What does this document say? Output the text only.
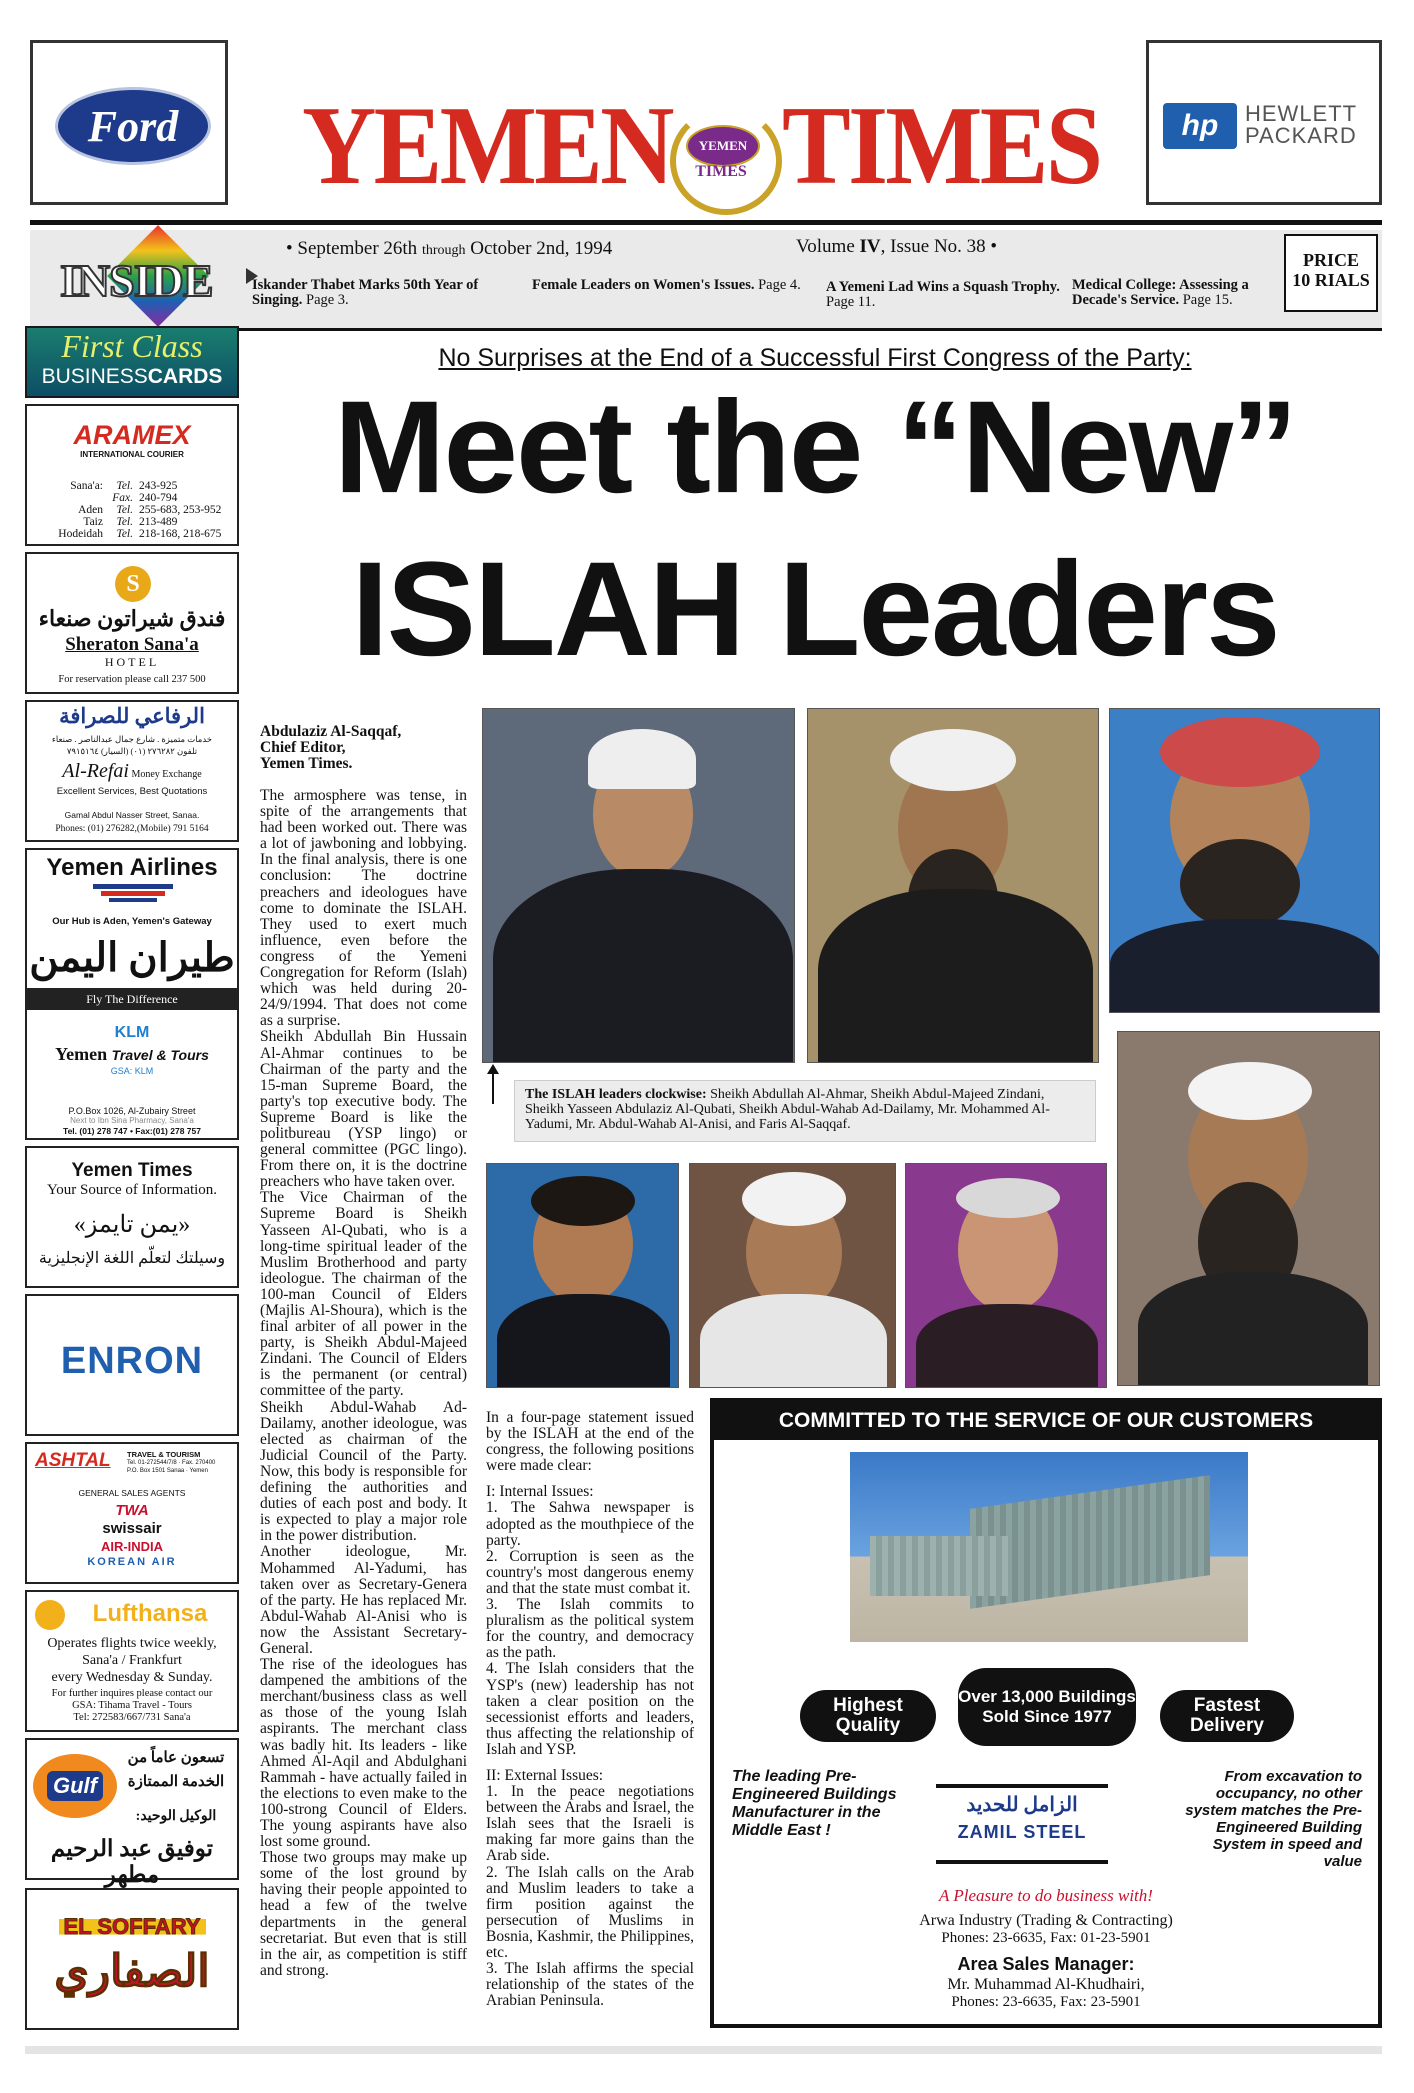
Ford YEMEN	YEMEN
TIMES TIMES	hp HEWLETT
PACKARD
INSIDE
• September 26th through October 2nd, 1994	Volume IV, Issue No. 38 •
PRICE
10 RIALS
Iskander Thabet Marks 50th Year of Singing. Page 3.
Female Leaders on Women's Issues. Page 4. A Yemeni Lad Wins a Squash Trophy. Page 11.
Medical College: Assessing a Decade's Service. Page 15.
First Class
BUSINESSCARDS
ARAMEX
INTERNATIONAL COURIER
Sana'a:	Tel. 243-925
Fax. 240-794
Aden	Tel. 255-683, 253-952
Taiz	Tel. 213-489
Hodeidah	Tel. 218-168, 218-675
S
فندق شيراتون صنعاء
Sheraton Sana'a
HOTEL
For reservation please call 237 500
الرفاعي للصرافة
خدمات متميزة . شارع جمال عبدالناصر . صنعاء
تلفون ٢٧٦٢٨٢ (٠١) (السيار) ٧٩١٥١٦٤
Al-Refai Money Exchange
Excellent Services, Best Quotations
Gamal Abdul Nasser Street, Sanaa.
Phones: (01) 276282,(Mobile) 791 5164
Yemen Airlines
Our Hub is Aden, Yemen's Gateway
طيران اليمن
Fly The Difference
KLM
Yemen Travel & Tours
GSA: KLM
P.O.Box 1026, Al-Zubairy Street
Next to Ibn Sina Pharmacy, Sana'a
Tel. (01) 278 747 • Fax:(01) 278 757
Yemen Times
Your Source of Information.
«يمن تايمز»
وسيلتك لتعلّم اللغة الإنجليزية
ENRON
ASHTAL TRAVEL & TOURISM
Tel. 01-272544/7/8 · Fax. 270400
P.O. Box 1501 Sanaa · Yemen
GENERAL SALES AGENTS
TWA
swissair
AIR-INDIA
KOREAN AIR
Lufthansa
Operates flights twice weekly,
Sana'a / Frankfurt
every Wednesday & Sunday.
For further inquires please contact our
GSA: Tihama Travel - Tours
Tel: 272583/667/731 Sana'a
Gulf
تسعون عاماً من
الخدمة الممتازة
الوكيل الوحيد:
توفيق عبد الرحيم مطهر
EL SOFFARY
الصفاري
No Surprises at the End of a Successful First Congress of the Party:
Meet the “New”
ISLAH Leaders
Abdulaziz Al-Saqqaf,
Chief Editor,
Yemen Times.

The armosphere was tense, in spite of the arrangements that had been worked out. There was a lot of jawboning and lobbying. In the final analysis, there is one conclusion: The doctrine preachers and ideologues have come to dominate the ISLAH. They used to exert much influence, even before the congress of the Yemeni Congregation for Reform (Islah) which was held during 20-24/9/1994. That does not come as a surprise.

Sheikh Abdullah Bin Hussain Al-Ahmar continues to be Chairman of the party and the 15-man Supreme Board, the party's top executive body. The Supreme Board is like the politbureau (YSP lingo) or general committee (PGC lingo). From there on, it is the doctrine preachers who have taken over.

The Vice Chairman of the Supreme Board is Sheikh Yasseen Al-Qubati, who is a long-time spiritual leader of the Muslim Brotherhood and party ideologue. The chairman of the 100-man Council of Elders (Majlis Al-Shoura), which is the final arbiter of all power in the party, is Sheikh Abdul-Majeed Zindani. The Council of Elders is the permanent (or central) committee of the party.

Sheikh Abdul-Wahab Ad-Dailamy, another ideologue, was elected as chairman of the Judicial Council of the Party. Now, this body is responsible for defining the authorities and duties of each post and body. It is expected to play a major role in the power distribution.

Another ideologue, Mr. Mohammed Al-Yadumi, has taken over as Secretary-Genera of the party. He has replaced Mr. Abdul-Wahab Al-Anisi who is now the Assistant Secretary-General.

The rise of the ideologues has dampened the ambitions of the merchant/business class as well as those of the young Islah aspirants. The merchant class was badly hit. Its leaders - like Ahmed Al-Aqil and Abdulghani Rammah - have actually failed in the elections to even make to the 100-strong Council of Elders. The young aspirants have also lost some ground.

Those two groups may make up some of the lost ground by having their people appointed to head a few of the twelve departments in the general secretariat. But even that is still in the air, as competition is stiff and strong.

The ISLAH leaders clockwise: Sheikh Abdullah Al-Ahmar, Sheikh Abdul-Majeed Zindani, Sheikh Yasseen Abdulaziz Al-Qubati, Sheikh Abdul-Wahab Ad-Dailamy, Mr. Mohammed Al-Yadumi, Mr. Abdul-Wahab Al-Anisi, and Faris Al-Saqqaf.

In a four-page statement issued by the ISLAH at the end of the congress, the following positions were made clear:

I: Internal Issues:

1. The Sahwa newspaper is adopted as the mouthpiece of the party.

2. Corruption is seen as the country's most dangerous enemy and that the state must combat it.

3. The Islah commits to pluralism as the political system for the country, and democracy as the path.

4. The Islah considers that the YSP's (new) leadership has not taken a clear position on the secessionist efforts and leaders, thus affecting the relationship of Islah and YSP.

II: External Issues:

1. In the peace negotiations between the Arabs and Israel, the Islah sees that the Israeli is making far more gains than the Arab side.

2. The Islah calls on the Arab and Muslim leaders to take a firm position against the persecution of Muslims in Bosnia, Kashmir, the Philippines, etc.

3. The Islah affirms the special relationship of the states of the Arabian Peninsula.

COMMITTED TO THE SERVICE OF OUR CUSTOMERS
Highest Quality
Over 13,000 Buildings Sold Since 1977
Fastest Delivery
The leading Pre-Engineered Buildings Manufacturer in the Middle East !
الزامل للحديد
ZAMIL STEEL
From excavation to occupancy, no other system matches the Pre-Engineered Building System in speed and value
A Pleasure to do business with!
Arwa Industry (Trading & Contracting)
Phones: 23-6635, Fax: 01-23-5901
Area Sales Manager:
Mr. Muhammad Al-Khudhairi,
Phones: 23-6635, Fax: 23-5901
